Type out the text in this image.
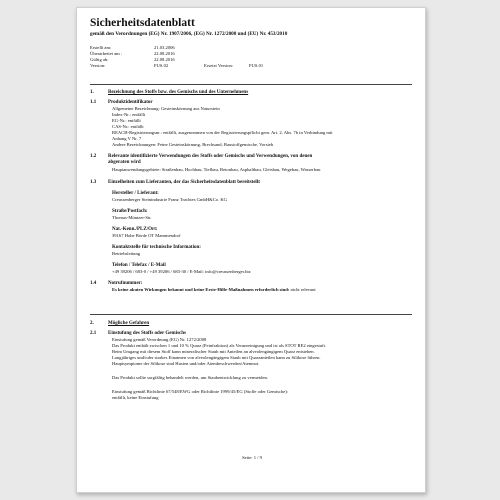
Sicherheitsdatenblatt
gemäß den Verordnungen (EG) Nr. 1907/2006, (EG) Nr. 1272/2008 und (EU) Nr. 453/2010
Erstellt am:	21.03.2006
Überarbeitet am :	22.08.2016
Gültig ab:	22.08.2016
Version:	FUS.02	Ersetzt Version:	FUS.01
1.	Bezeichnung des Stoffs bzw. des Gemischs und des Unternehmens
1.1 Produktidentifikator
Allgemeine Bezeichnung: Gesteinskörnung aus Naturstein
Index-Nr.: entfällt
EG-Nr.: entfällt
CAS-Nr.: entfällt
REACH-Registrierungsnr.: entfällt, ausgenommen von der Registrierungspflicht gem. Art. 2, Abs. 7b in Verbindung mit
Anhang V Nr. 7
Andere Bezeichnungen: Feine Gesteinskörnung, Brechsand, Baustoffgemische, Vorsieb
1.2 Relevante identifizierte Verwendungen des Stoffs oder Gemischs und Verwendungen, von denen
abgeraten wird
Hauptanwendungsgebiete: Straßenbau, Hochbau, Tiefbau, Betonbau, Asphaltbau, Gleisbau, Wegebau, Wasserbau
1.3 Einzelheiten zum Lieferanten, der das Sicherheitsdatenblatt bereitstellt
Hersteller / Lieferant:
Creussenberger Steinindustrie Franz Trachtes GmbH&Co. KG
Straße/Postfach:
Thomas-Müntzer-Str.
Nat.-Kenn./PLZ/Ort:
39167 Hohe Börde OT Mammendorf
Kontaktstelle für technische Information:
Betriebsleitung
Telefon / Telefax / E-Mail
+49 39206 / 683-0 / +49 39206 / 683-30 / E-Mail: info@creussenberger.biz
1.4 Notrufnummer:
Es keine akuten Wirkungen bekannt und keine Erste-Hilfe-Maßnahmen erforderlich sind: nicht relevant
2.	Mögliche Gefahren
2.1 Einstufung des Stoffs oder Gemischs
Einstufung gemäß Verordnung (EG) Nr. 1272/2008
Das Produkt enthält zwischen 1 und 10 % Quarz (Feinfraktion) als Verunreinigung und ist als STOT RE2 eingestuft.
Beim Umgang mit diesem Stoff kann mineralischer Staub mit Anteilen an alveolengängigem Quarz entstehen.
Langjähriges und/oder starkes Einatmen von alveolengängigem Staub mit Quarzanteilen kann zu Silikose führen.
Hauptsymptome der Silikose sind Husten und/oder Atembeschwerden/Atemnot.
Das Produkt sollte sorgfältig behandelt werden, um Staubentwicklung zu vermeiden.
Einstufung gemäß Richtlinie 67/548/EWG oder Richtlinie 1999/45/EG (Stoffe oder Gemische):
entfällt, keine Einstufung
Seite: 1 / 9
